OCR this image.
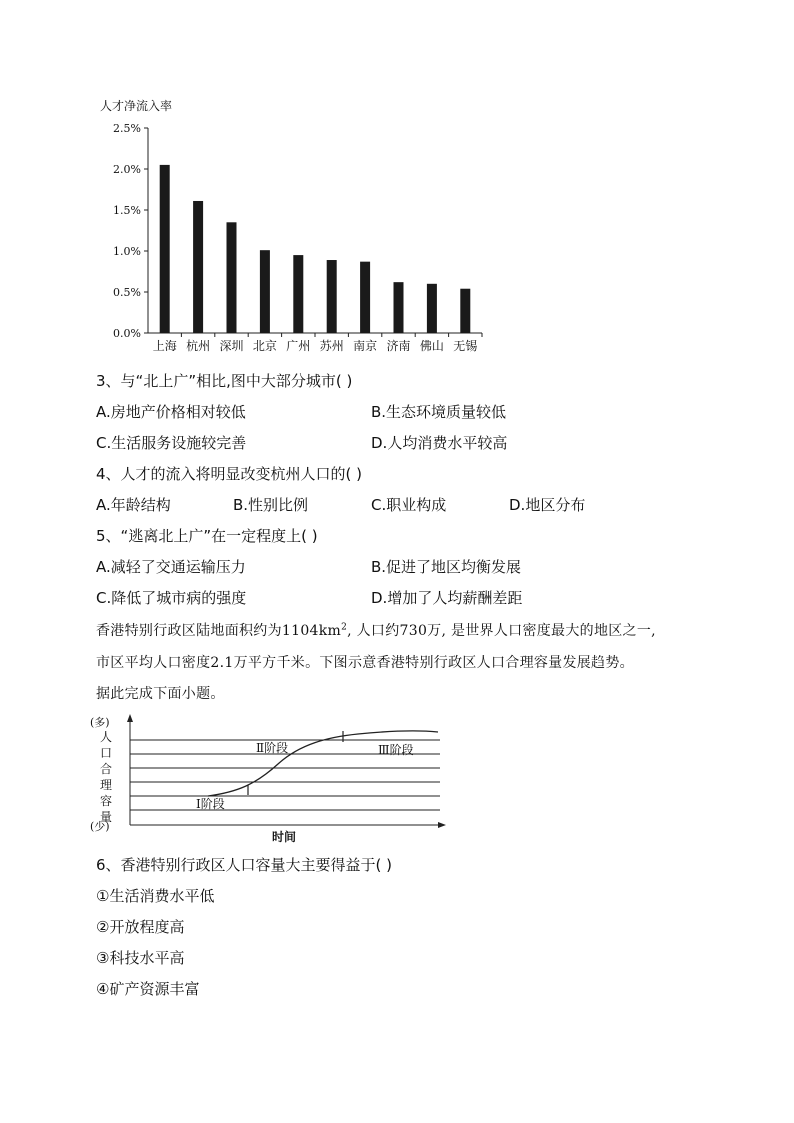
人才净流入率
0.0%
0.5%
1.0%
1.5%
2.0%
2.5%
上海 杭州 深圳 北京 广州 苏州 南京 济南 佛山 无锡
3、与“北上广”相比,图中大部分城市( )
A.房地产价格相对较低	B.生态环境质量较低
C.生活服务设施较完善	D.人均消费水平较高
4、人才的流入将明显改变杭州人口的( )
A.年龄结构	B.性别比例	C.职业构成	D.地区分布
5、“逃离北上广”在一定程度上( )
A.减轻了交通运输压力	B.促进了地区均衡发展
C.降低了城市病的强度	D.增加了人均薪酬差距
香港特别行政区陆地面积约为$1104km^2$, 人口约730万, 是世界人口密度最大的地区之一,
市区平均人口密度2.1万平方千米。下图示意香港特别行政区人口合理容量发展趋势。
据此完成下面小题。
(多)
人
口
合
理
容
量
(少)
Ⅰ阶段
Ⅱ阶段	Ⅲ阶段
时间
6、香港特别行政区人口容量大主要得益于( )
①生活消费水平低
②开放程度高
③科技水平高
④矿产资源丰富
